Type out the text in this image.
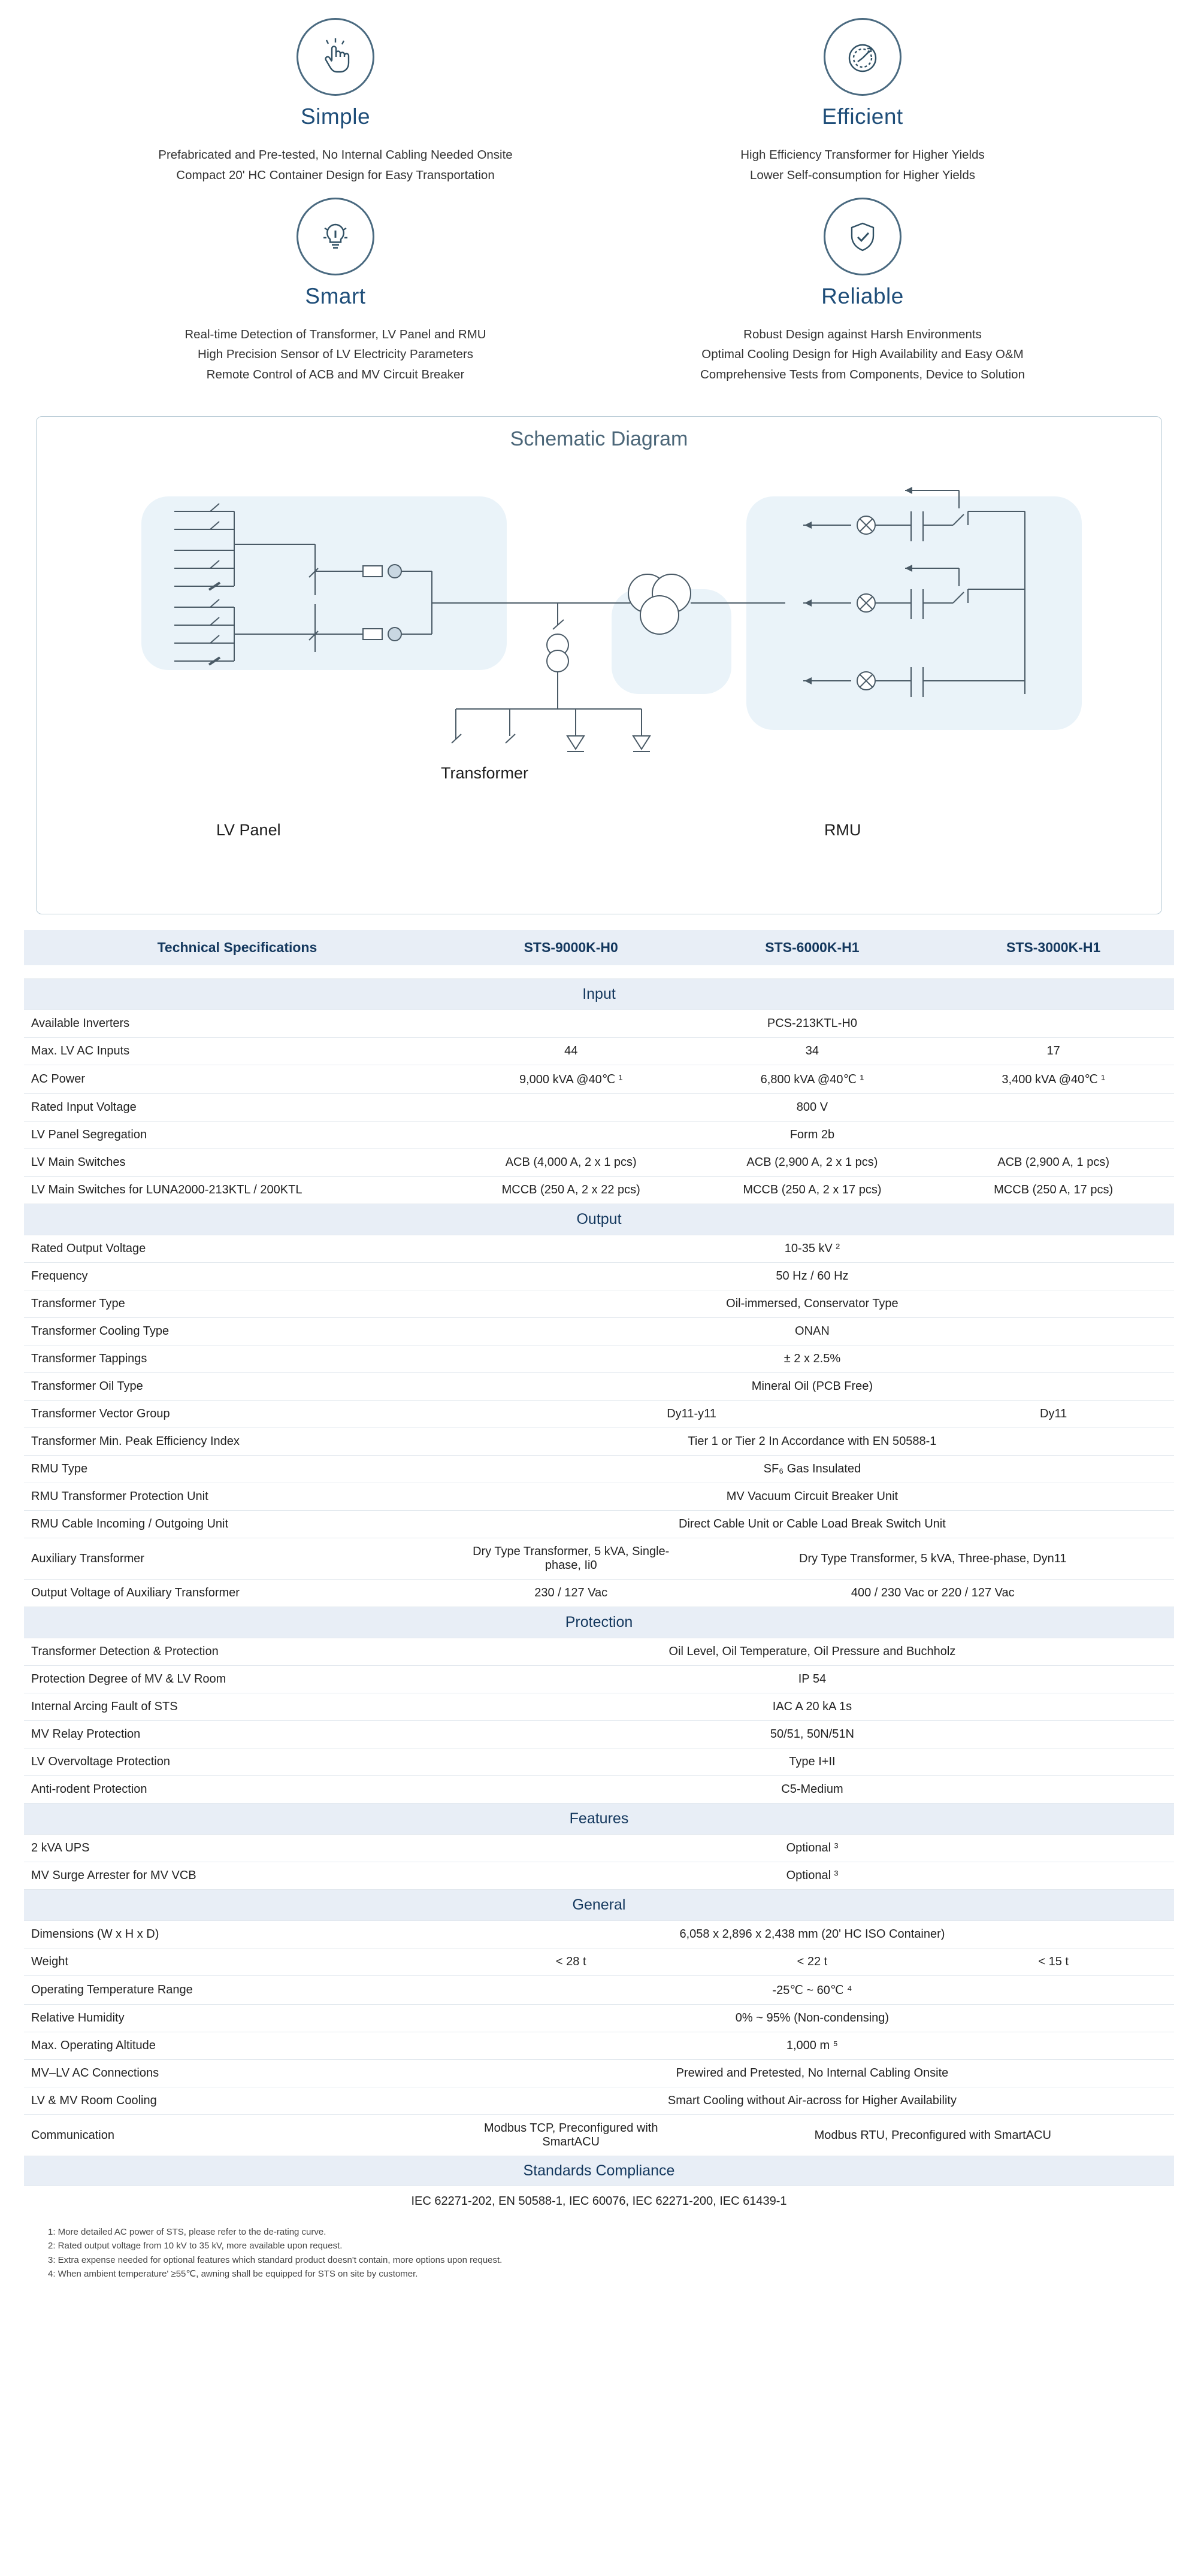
Simple
Prefabricated and Pre-tested, No Internal Cabling Needed Onsite
Compact 20' HC Container Design for Easy Transportation
Efficient
High Efficiency Transformer for Higher Yields
Lower Self-consumption for Higher Yields
Smart
Real-time Detection of Transformer, LV Panel and RMU
High Precision Sensor of LV Electricity Parameters
Remote Control of ACB and MV Circuit Breaker
Reliable
Robust Design against Harsh Environments
Optimal Cooling Design for High Availability and Easy O&M
Comprehensive Tests from Components, Device to Solution
Schematic Diagram
LV Panel
Transformer
RMU
Technical Specifications	STS-9000K-H0	STS-6000K-H1	STS-3000K-H1

Input			
Available Inverters	PCS-213KTL-H0		
Max. LV AC Inputs	44	34	17
AC Power	9,000 kVA @40℃ ¹	6,800 kVA @40℃ ¹	3,400 kVA @40℃ ¹
Rated Input Voltage	800 V		
LV Panel Segregation	Form 2b		
LV Main Switches	ACB (4,000 A, 2 x 1 pcs)	ACB (2,900 A, 2 x 1 pcs)	ACB (2,900 A, 1 pcs)
LV Main Switches for LUNA2000-213KTL / 200KTL	MCCB (250 A, 2 x 22 pcs)	MCCB (250 A, 2 x 17 pcs)	MCCB (250 A, 17 pcs)
Output			
Rated Output Voltage	10-35 kV ²		
Frequency	50 Hz / 60 Hz		
Transformer Type	Oil-immersed, Conservator Type		
Transformer Cooling Type	ONAN		
Transformer Tappings	± 2 x 2.5%		
Transformer Oil Type	Mineral Oil (PCB Free)		
Transformer Vector Group	Dy11-y11		Dy11
Transformer Min. Peak Efficiency Index	Tier 1 or Tier 2 In Accordance with EN 50588-1		
RMU Type	SF₆ Gas Insulated		
RMU Transformer Protection Unit	MV Vacuum Circuit Breaker Unit		
RMU Cable Incoming / Outgoing Unit	Direct Cable Unit or Cable Load Break Switch Unit		
Auxiliary Transformer	Dry Type Transformer, 5 kVA, Single-phase, Ii0	Dry Type Transformer, 5 kVA, Three-phase, Dyn11	
Output Voltage of Auxiliary Transformer	230 / 127 Vac	400 / 230 Vac or 220 / 127 Vac	
Protection			
Transformer Detection & Protection	Oil Level, Oil Temperature, Oil Pressure and Buchholz		
Protection Degree of MV & LV Room	IP 54		
Internal Arcing Fault of STS	IAC A 20 kA 1s		
MV Relay Protection	50/51, 50N/51N		
LV Overvoltage Protection	Type I+II		
Anti-rodent Protection	C5-Medium		
Features			
2 kVA UPS	Optional ³		
MV Surge Arrester for MV VCB	Optional ³		
General			
Dimensions (W x H x D)	6,058 x 2,896 x 2,438 mm (20' HC ISO Container)		
Weight	< 28 t	< 22 t	< 15 t
Operating Temperature Range	-25℃ ~ 60℃ ⁴		
Relative Humidity	0% ~ 95% (Non-condensing)		
Max. Operating Altitude	1,000 m ⁵		
MV–LV AC Connections	Prewired and Pretested, No Internal Cabling Onsite		
LV & MV Room Cooling	Smart Cooling without Air-across for Higher Availability		
Communication	Modbus TCP, Preconfigured with SmartACU	Modbus RTU, Preconfigured with SmartACU	
Standards Compliance			
IEC 62271-202, EN 50588-1, IEC 60076, IEC 62271-200, IEC 61439-1			
1: More detailed AC power of STS, please refer to the de-rating curve.
2: Rated output voltage from 10 kV to 35 kV, more available upon request.
3: Extra expense needed for optional features which standard product doesn't contain, more options upon request.
4: When ambient temperature' ≥55℃, awning shall be equipped for STS on site by customer.
